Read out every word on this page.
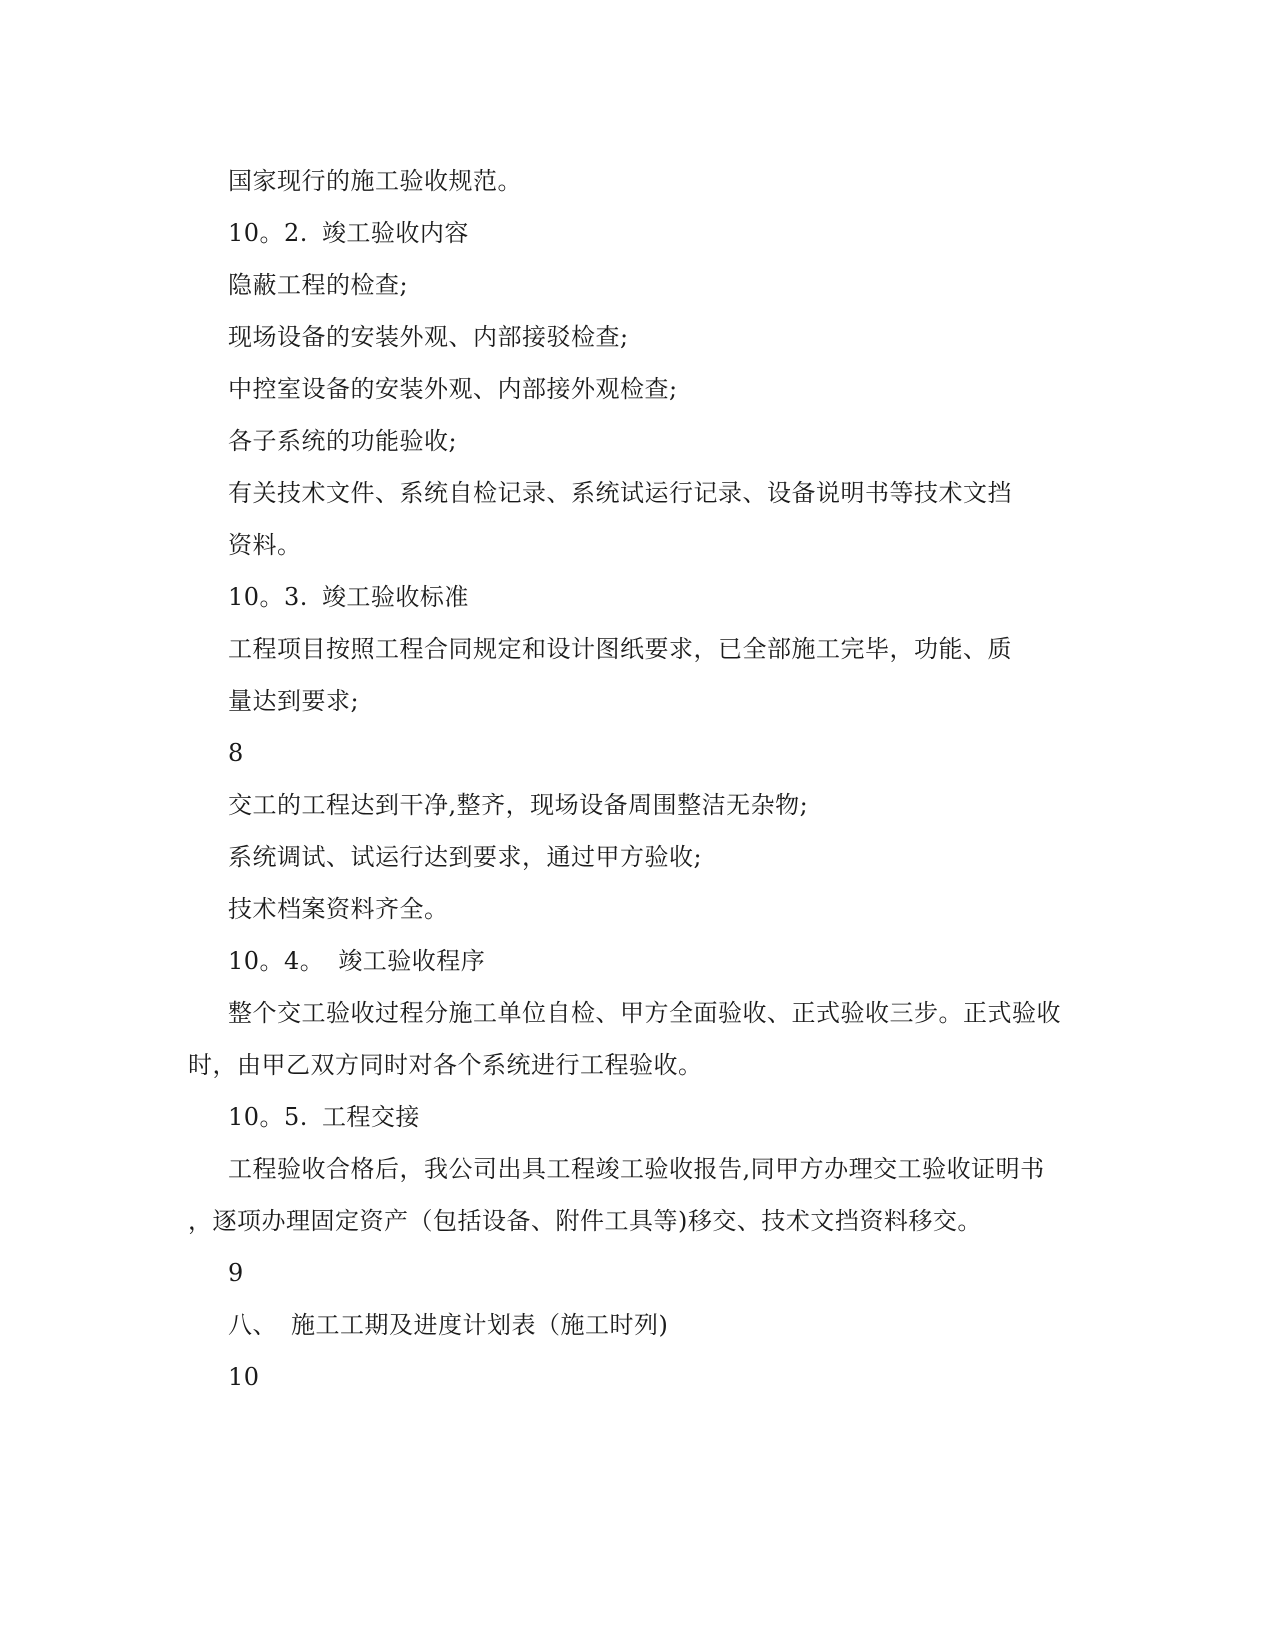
国家现行的施工验收规范。
10。2. 竣工验收内容
隐蔽工程的检查;
现场设备的安装外观、内部接驳检查;
中控室设备的安装外观、内部接外观检查;
各子系统的功能验收;
有关技术文件、系统自检记录、系统试运行记录、设备说明书等技术文挡
资料。
10。3. 竣工验收标准
工程项目按照工程合同规定和设计图纸要求，已全部施工完毕，功能、质
量达到要求;
8
交工的工程达到干净,整齐，现场设备周围整洁无杂物;
系统调试、试运行达到要求，通过甲方验收;
技术档案资料齐全。
10。4。 竣工验收程序
整个交工验收过程分施工单位自检、甲方全面验收、正式验收三步。正式验收
时，由甲乙双方同时对各个系统进行工程验收。
10。5. 工程交接
工程验收合格后，我公司出具工程竣工验收报告,同甲方办理交工验收证明书
，逐项办理固定资产（包括设备、附件工具等)移交、技术文挡资料移交。
9
八、 施工工期及进度计划表（施工时列)
10
